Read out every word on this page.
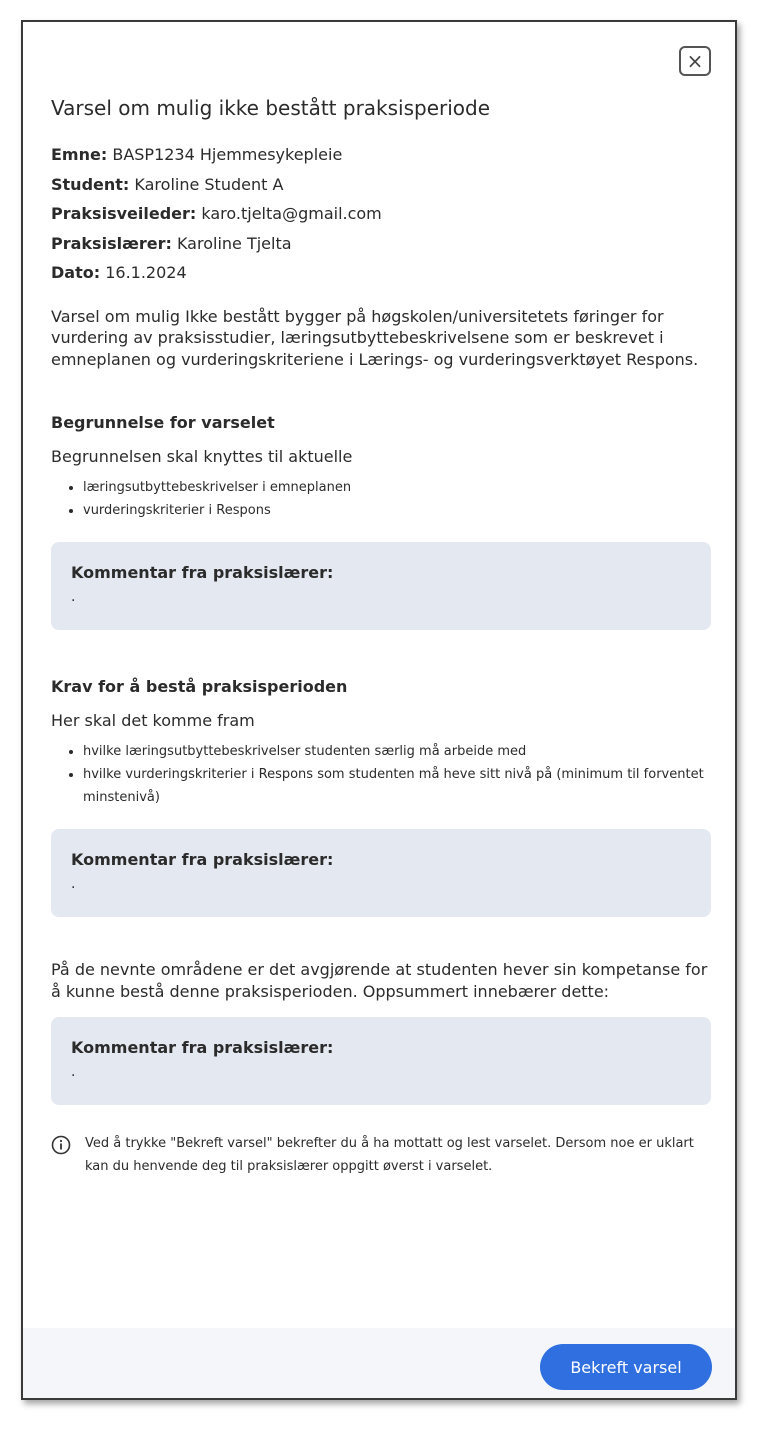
×
Varsel om mulig ikke bestått praksisperiode
Emne: BASP1234 Hjemmesykepleie
Student: Karoline Student A
Praksisveileder: karo.tjelta@gmail.com
Praksislærer: Karoline Tjelta
Dato: 16.1.2024
Varsel om mulig Ikke bestått bygger på høgskolen/universitetets føringer for vurdering av praksisstudier, læringsutbyttebeskrivelsene som er beskrevet i emneplanen og vurderingskriteriene i Lærings- og vurderingsverktøyet Respons.
Begrunnelse for varselet
Begrunnelsen skal knyttes til aktuelle
• læringsutbyttebeskrivelser i emneplanen
• vurderingskriterier i Respons
Kommentar fra praksislærer:
.
Krav for å bestå praksisperioden
Her skal det komme fram
• hvilke læringsutbyttebeskrivelser studenten særlig må arbeide med
• hvilke vurderingskriterier i Respons som studenten må heve sitt nivå på (minimum til forventet minstenivå)
Kommentar fra praksislærer:
.
På de nevnte områdene er det avgjørende at studenten hever sin kompetanse for å kunne bestå denne praksisperioden. Oppsummert innebærer dette:
Kommentar fra praksislærer:
.
Ved å trykke "Bekreft varsel" bekrefter du å ha mottatt og lest varselet. Dersom noe er uklart kan du henvende deg til praksislærer oppgitt øverst i varselet.
Bekreft varsel
